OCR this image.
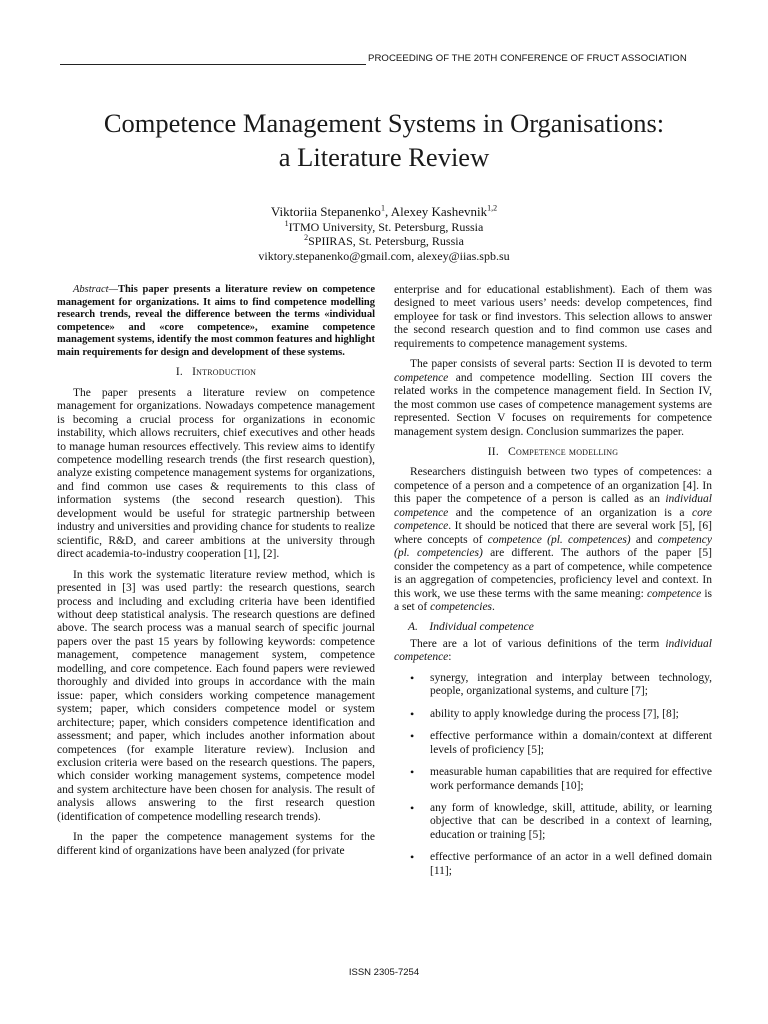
PROCEEDING OF THE 20TH CONFERENCE OF FRUCT ASSOCIATION
Competence Management Systems in Organisations:
a Literature Review
Viktoriia Stepanenko$^1$, Alexey Kashevnik$^{1,2}$
$^1$ITMO University, St. Petersburg, Russia
$^2$SPIIRAS, St. Petersburg, Russia
viktory.stepanenko@gmail.com, alexey@iias.spb.su

Abstract—This paper presents a literature review on competence management for organizations. It aims to find competence modelling research trends, reveal the difference between the terms «individual competence» and «core competence», examine competence management systems, identify the most common features and highlight main requirements for design and development of these systems.

I. Introduction

The paper presents a literature review on competence management for organizations. Nowadays competence management is becoming a crucial process for organizations in economic instability, which allows recruiters, chief executives and other heads to manage human resources effectively. This review aims to identify competence modelling research trends (the first research question), analyze existing competence management systems for organizations, and find common use cases & requirements to this class of information systems (the second research question). This development would be useful for strategic partnership between industry and universities and providing chance for students to realize scientific, R&D, and career ambitions at the university through direct academia-to-industry cooperation [1], [2].

In this work the systematic literature review method, which is presented in [3] was used partly: the research questions, search process and including and excluding criteria have been identified without deep statistical analysis. The research questions are defined above. The search process was a manual search of specific journal papers over the past 15 years by following keywords: competence management, competence management system, competence modelling, and core competence. Each found papers were reviewed thoroughly and divided into groups in accordance with the main issue: paper, which considers working competence management system; paper, which considers competence model or system architecture; paper, which considers competence identification and assessment; and paper, which includes another information about competences (for example literature review). Inclusion and exclusion criteria were based on the research questions. The papers, which consider working management systems, competence model and system architecture have been chosen for analysis. The result of analysis allows answering to the first research question (identification of competence modelling research trends).

In the paper the competence management systems for the different kind of organizations have been analyzed (for private

enterprise and for educational establishment). Each of them was designed to meet various users’ needs: develop competences, find employee for task or find investors. This selection allows to answer the second research question and to find common use cases and requirements to competence management systems.

The paper consists of several parts: Section II is devoted to term competence and competence modelling. Section III covers the related works in the competence management field. In Section IV, the most common use cases of competence management systems are represented. Section V focuses on requirements for competence management system design. Conclusion summarizes the paper.

II. Competence modelling

Researchers distinguish between two types of competences: a competence of a person and a competence of an organization [4]. In this paper the competence of a person is called as an individual competence and the competence of an organization is a core competence. It should be noticed that there are several work [5], [6] where concepts of competence (pl. competences) and competency (pl. competencies) are different. The authors of the paper [5] consider the competency as a part of competence, while competence is an aggregation of competencies, proficiency level and context. In this work, we use these terms with the same meaning: competence is a set of competencies.

A. Individual competence

There are a lot of various definitions of the term individual competence:

• synergy, integration and interplay between technology, people, organizational systems, and culture [7];
• ability to apply knowledge during the process [7], [8];
• effective performance within a domain/context at different levels of proficiency [5];
• measurable human capabilities that are required for effective work performance demands [10];
• any form of knowledge, skill, attitude, ability, or learning objective that can be described in a context of learning, education or training [5];
• effective performance of an actor in a well defined domain [11];
ISSN 2305-7254
